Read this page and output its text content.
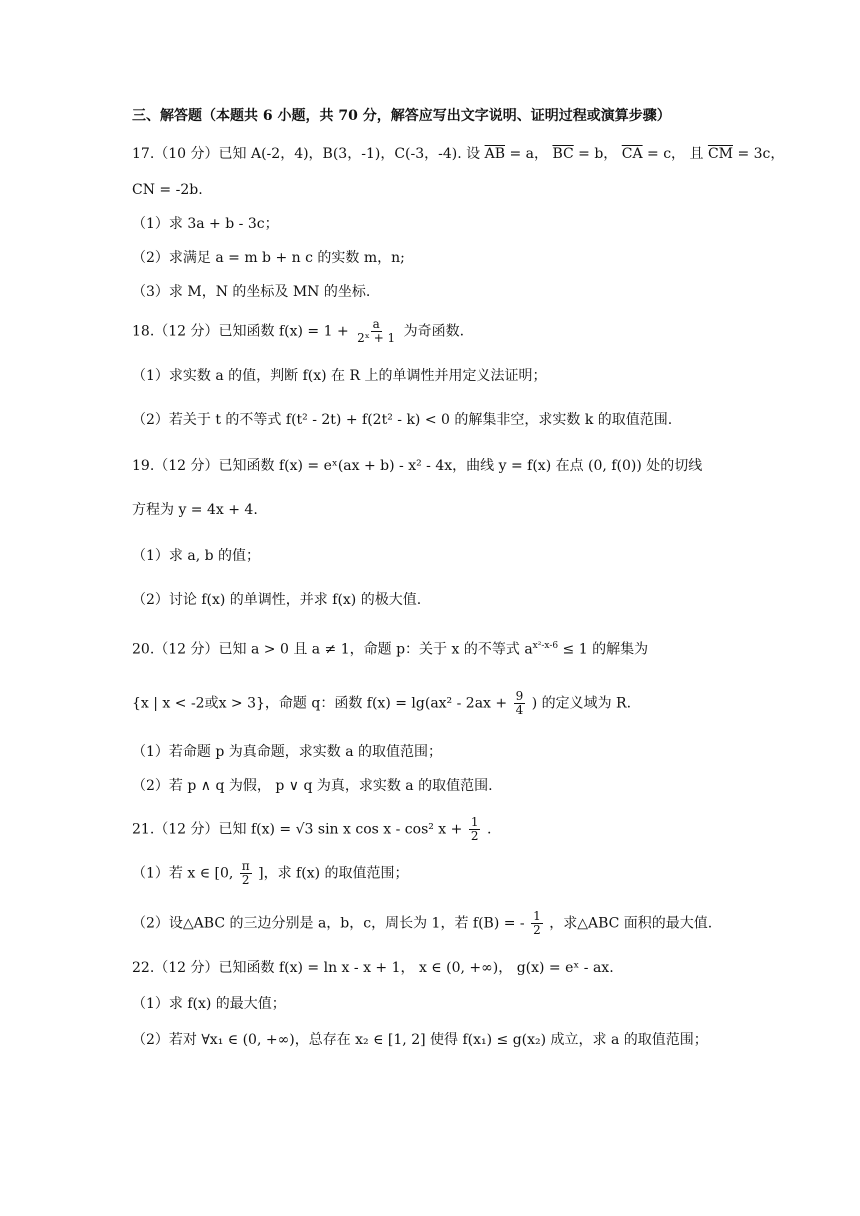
三、解答题（本题共 6 小题，共 70 分，解答应写出文字说明、证明过程或演算步骤）
17.（10 分）已知 A(-2，4)，B(3，-1)，C(-3，-4). 设 $\overline{AB} = a$， $\overline{BC} = b$， $\overline{CA} = c$， 且 $\overline{CM} = 3c$，
CN = -2b.
（1）求 3a + b - 3c；
（2）求满足 a = m b + n c 的实数 m，n;
（3）求 M，N 的坐标及 MN 的坐标.
18.（12 分）已知函数 $f(x) = 1 + \frac{a}{\text{2ˣ + 1}}$ 为奇函数.
（1）求实数 a 的值，判断 f(x) 在 R 上的单调性并用定义法证明；
（2）若关于 t 的不等式 f(t² - 2t) + f(2t² - k) < 0 的解集非空，求实数 k 的取值范围.
19.（12 分）已知函数 f(x) = eˣ(ax + b) - x² - 4x，曲线 y = f(x) 在点 (0, f(0)) 处的切线
方程为 y = 4x + 4.
（1）求 a, b 的值；
（2）讨论 f(x) 的单调性，并求 f(x) 的极大值.
20.（12 分）已知 a > 0 且 a ≠ 1，命题 p：关于 x 的不等式 $a^{x^2-x-6} \le 1$ 的解集为
{x | x < -2或x > 3}，命题 q：函数 $f(x) = \lg(ax^2 - 2ax + \frac{9}{4}$ ) 的定义域为 R.
（1）若命题 p 为真命题，求实数 a 的取值范围；
（2）若 p ∧ q 为假， p ∨ q 为真，求实数 a 的取值范围.
21.（12 分）已知 f(x) = √3 sin x cos x - cos² $x + \frac{1}{2}$ .
（1）若 x ∈ [0, $\frac{\pi}{2}$ ]，求 f(x) 的取值范围；
（2）设△ABC 的三边分别是 a，b，c，周长为 1，若 f(B) = - $\frac{1}{2}$ ，求△ABC 面积的最大值.
22.（12 分）已知函数 f(x) = ln x - x + 1， x ∈ (0, +∞)， g(x) = eˣ - ax.
（1）求 f(x) 的最大值；
（2）若对 ∀x₁ ∈ (0, +∞)，总存在 x₂ ∈ [1, 2] 使得 f(x₁) ≤ g(x₂) 成立，求 a 的取值范围；
